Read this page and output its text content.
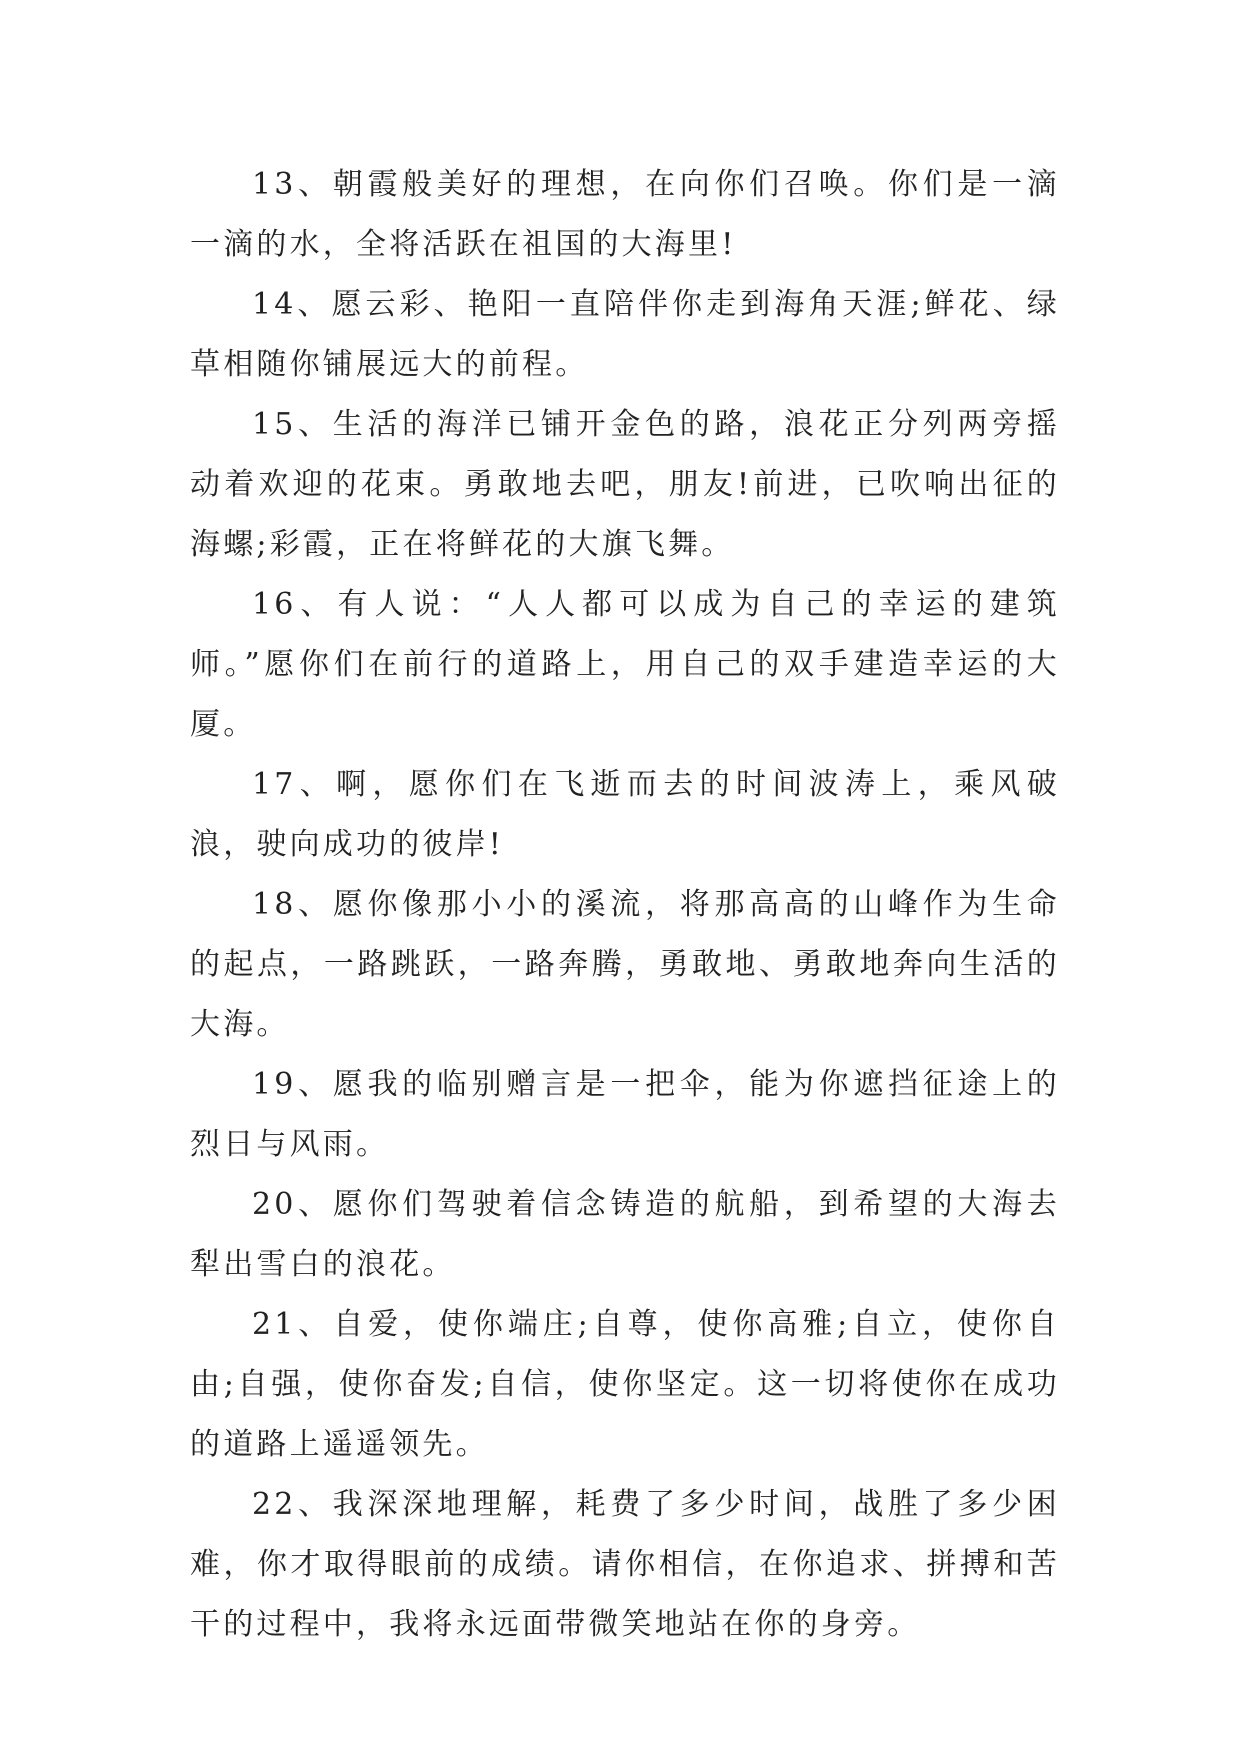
13、朝霞般美好的理想，在向你们召唤。你们是一滴一滴的水，全将活跃在祖国的大海里!

14、愿云彩、艳阳一直陪伴你走到海角天涯;鲜花、绿草相随你铺展远大的前程。

15、生活的海洋已铺开金色的路，浪花正分列两旁摇动着欢迎的花束。勇敢地去吧，朋友!前进，已吹响出征的海螺;彩霞，正在将鲜花的大旗飞舞。

16、有人说：“人人都可以成为自己的幸运的建筑师。”愿你们在前行的道路上，用自己的双手建造幸运的大厦。

17、啊，愿你们在飞逝而去的时间波涛上，乘风破浪，驶向成功的彼岸!

18、愿你像那小小的溪流，将那高高的山峰作为生命的起点，一路跳跃，一路奔腾，勇敢地、勇敢地奔向生活的大海。

19、愿我的临别赠言是一把伞，能为你遮挡征途上的烈日与风雨。

20、愿你们驾驶着信念铸造的航船，到希望的大海去犁出雪白的浪花。

21、自爱，使你端庄;自尊，使你高雅;自立，使你自由;自强，使你奋发;自信，使你坚定。这一切将使你在成功的道路上遥遥领先。

22、我深深地理解，耗费了多少时间，战胜了多少困难，你才取得眼前的成绩。请你相信，在你追求、拼搏和苦干的过程中，我将永远面带微笑地站在你的身旁。
